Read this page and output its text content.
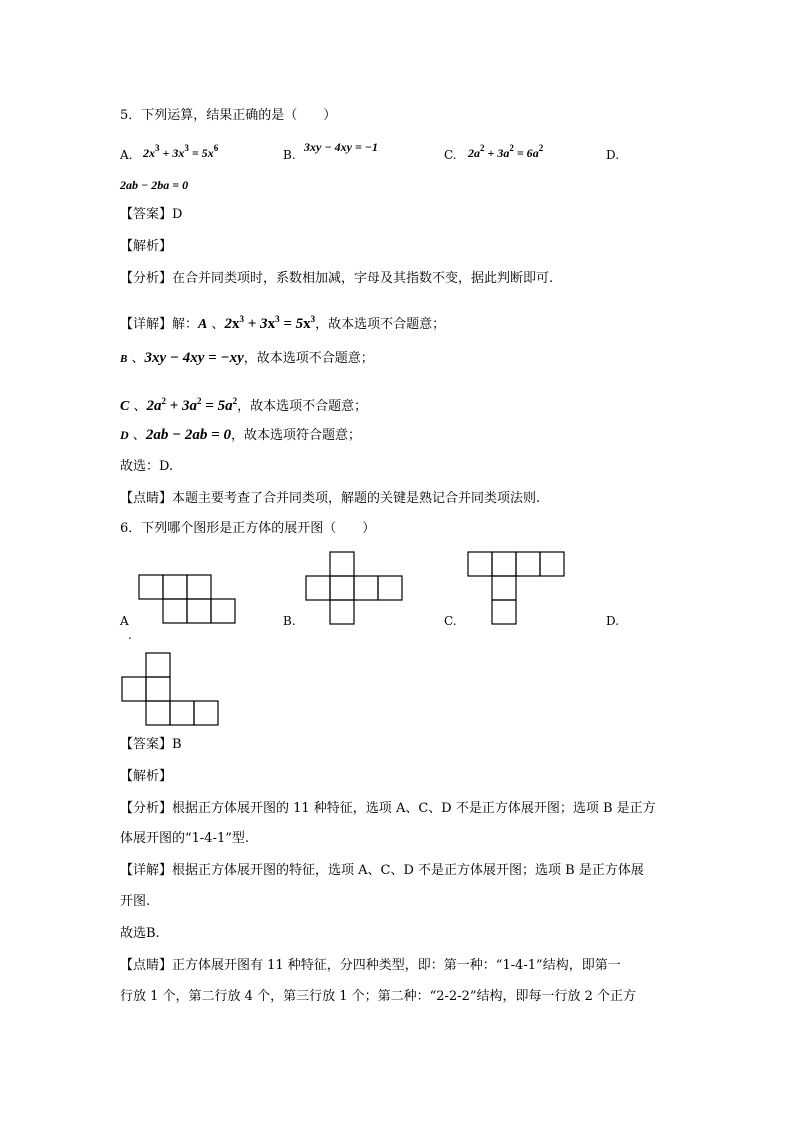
5．下列运算，结果正确的是（　　）
A. $2x^3 + 3x^3 = 5x^6$	B.
3xy − 4xy = −1
C. $2a^2 + 3a^2 = 6a^2$	D.
2ab − 2ba = 0
【答案】D
【解析】
【分析】在合并同类项时，系数相加减，字母及其指数不变，据此判断即可.
【详解】解：A 、$2x^3 + 3x^3 = 5x^3$，故本选项不合题意；
B 、3xy − 4xy = −xy，故本选项不合题意；
C 、$2a^2 + 3a^2 = 5a^2$，故本选项不合题意；
D 、2ab − 2ab = 0，故本选项符合题意；
故选：D.
【点睛】本题主要考查了合并同类项，解题的关键是熟记合并同类项法则.
6．下列哪个图形是正方体的展开图（　　）
A
.
B.	C.	D.
【答案】B
【解析】
【分析】根据正方体展开图的 11 种特征，选项 A、C、D 不是正方体展开图；选项 B 是正方
体展开图的“1-4-1”型.
【详解】根据正方体展开图的特征，选项 A、C、D 不是正方体展开图；选项 B 是正方体展
开图.
故选B.
【点睛】正方体展开图有 11 种特征，分四种类型，即：第一种：“1-4-1”结构，即第一
行放 1 个，第二行放 4 个，第三行放 1 个；第二种：“2-2-2”结构，即每一行放 2 个正方
